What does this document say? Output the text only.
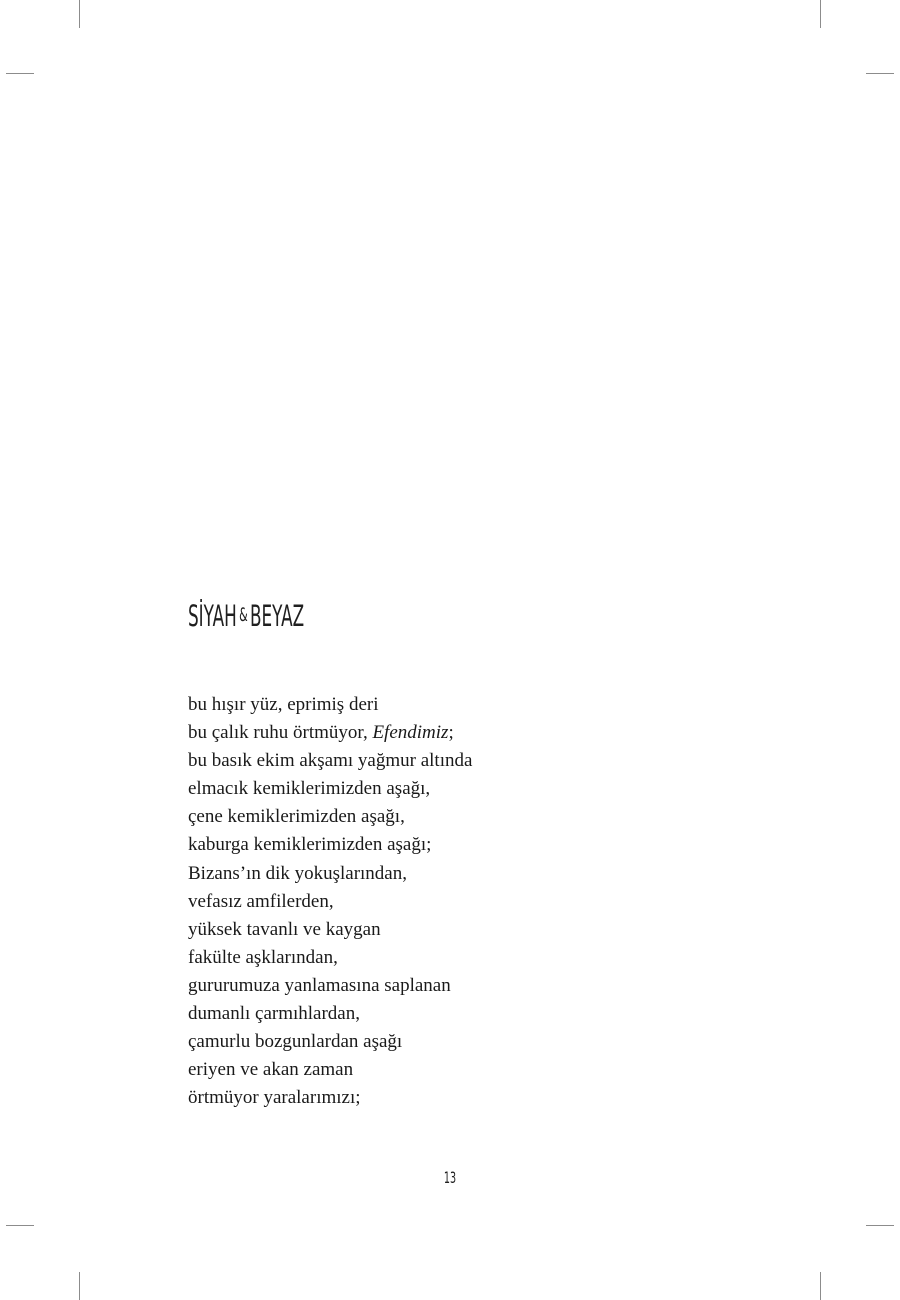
SİYAH &BEYAZ
bu hışır yüz, eprimiş deri
bu çalık ruhu örtmüyor, Efendimiz;
bu basık ekim akşamı yağmur altında
elmacık kemiklerimizden aşağı,
çene kemiklerimizden aşağı,
kaburga kemiklerimizden aşağı;
Bizans’ın dik yokuşlarından,
vefasız amfilerden,
yüksek tavanlı ve kaygan
fakülte aşklarından,
gururumuza yanlamasına saplanan
dumanlı çarmıhlardan,
çamurlu bozgunlardan aşağı
eriyen ve akan zaman
örtmüyor yaralarımızı;
13
